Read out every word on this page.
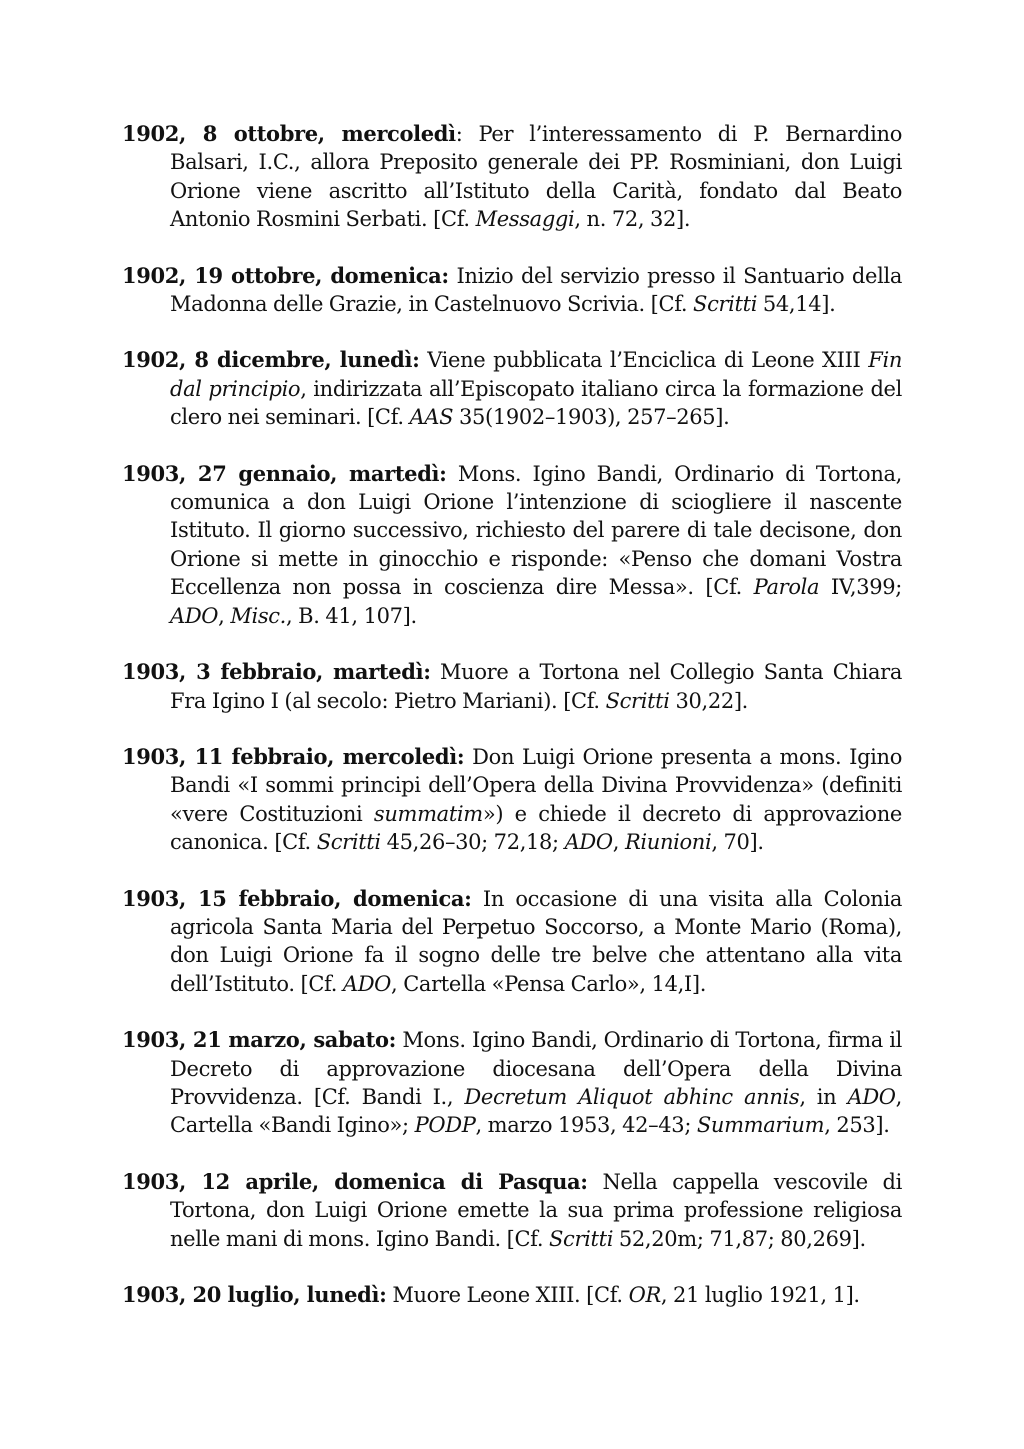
1902, 8 ottobre, mercoledì: Per l’interessamento di P. Bernardino Balsari, I.C., allora Preposito generale dei PP. Rosminiani, don Luigi Orione viene ascritto all’Istituto della Carità, fondato dal Beato Antonio Rosmini Serbati. [Cf. Messaggi, n. 72, 32].

1902, 19 ottobre, domenica: Inizio del servizio presso il Santuario della Madonna delle Grazie, in Castelnuovo Scrivia. [Cf. Scritti 54,14].

1902, 8 dicembre, lunedì: Viene pubblicata l’Enciclica di Leone XIII Fin dal principio, indirizzata all’Episcopato italiano circa la formazione del clero nei seminari. [Cf. AAS 35(1902–1903), 257–265].

1903, 27 gennaio, martedì: Mons. Igino Bandi, Ordinario di Tortona, comunica a don Luigi Orione l’intenzione di sciogliere il nascente Istituto. Il giorno successivo, richiesto del parere di tale decisone, don Orione si mette in ginocchio e risponde: «Penso che domani Vostra Eccellenza non possa in coscienza dire Messa». [Cf. Parola IV,399; ADO, Misc., B. 41, 107].

1903, 3 febbraio, martedì: Muore a Tortona nel Collegio Santa Chiara Fra Igino I (al secolo: Pietro Mariani). [Cf. Scritti 30,22].

1903, 11 febbraio, mercoledì: Don Luigi Orione presenta a mons. Igino Bandi «I sommi principi dell’Opera della Divina Provvidenza» (definiti «vere Costituzioni summatim») e chiede il decreto di approvazione canonica. [Cf. Scritti 45,26–30; 72,18; ADO, Riunioni, 70].

1903, 15 febbraio, domenica: In occasione di una visita alla Colonia agricola Santa Maria del Perpetuo Soccorso, a Monte Mario (Roma), don Luigi Orione fa il sogno delle tre belve che attentano alla vita dell’Istituto. [Cf. ADO, Cartella «Pensa Carlo», 14,I].

1903, 21 marzo, sabato: Mons. Igino Bandi, Ordinario di Tortona, firma il Decreto di approvazione diocesana dell’Opera della Divina Provvidenza. [Cf. Bandi I., Decretum Aliquot abhinc annis, in ADO, Cartella «Bandi Igino»; PODP, marzo 1953, 42–43; Summarium, 253].

1903, 12 aprile, domenica di Pasqua: Nella cappella vescovile di Tortona, don Luigi Orione emette la sua prima professione religiosa nelle mani di mons. Igino Bandi. [Cf. Scritti 52,20m; 71,87; 80,269].

1903, 20 luglio, lunedì: Muore Leone XIII. [Cf. OR, 21 luglio 1921, 1].
